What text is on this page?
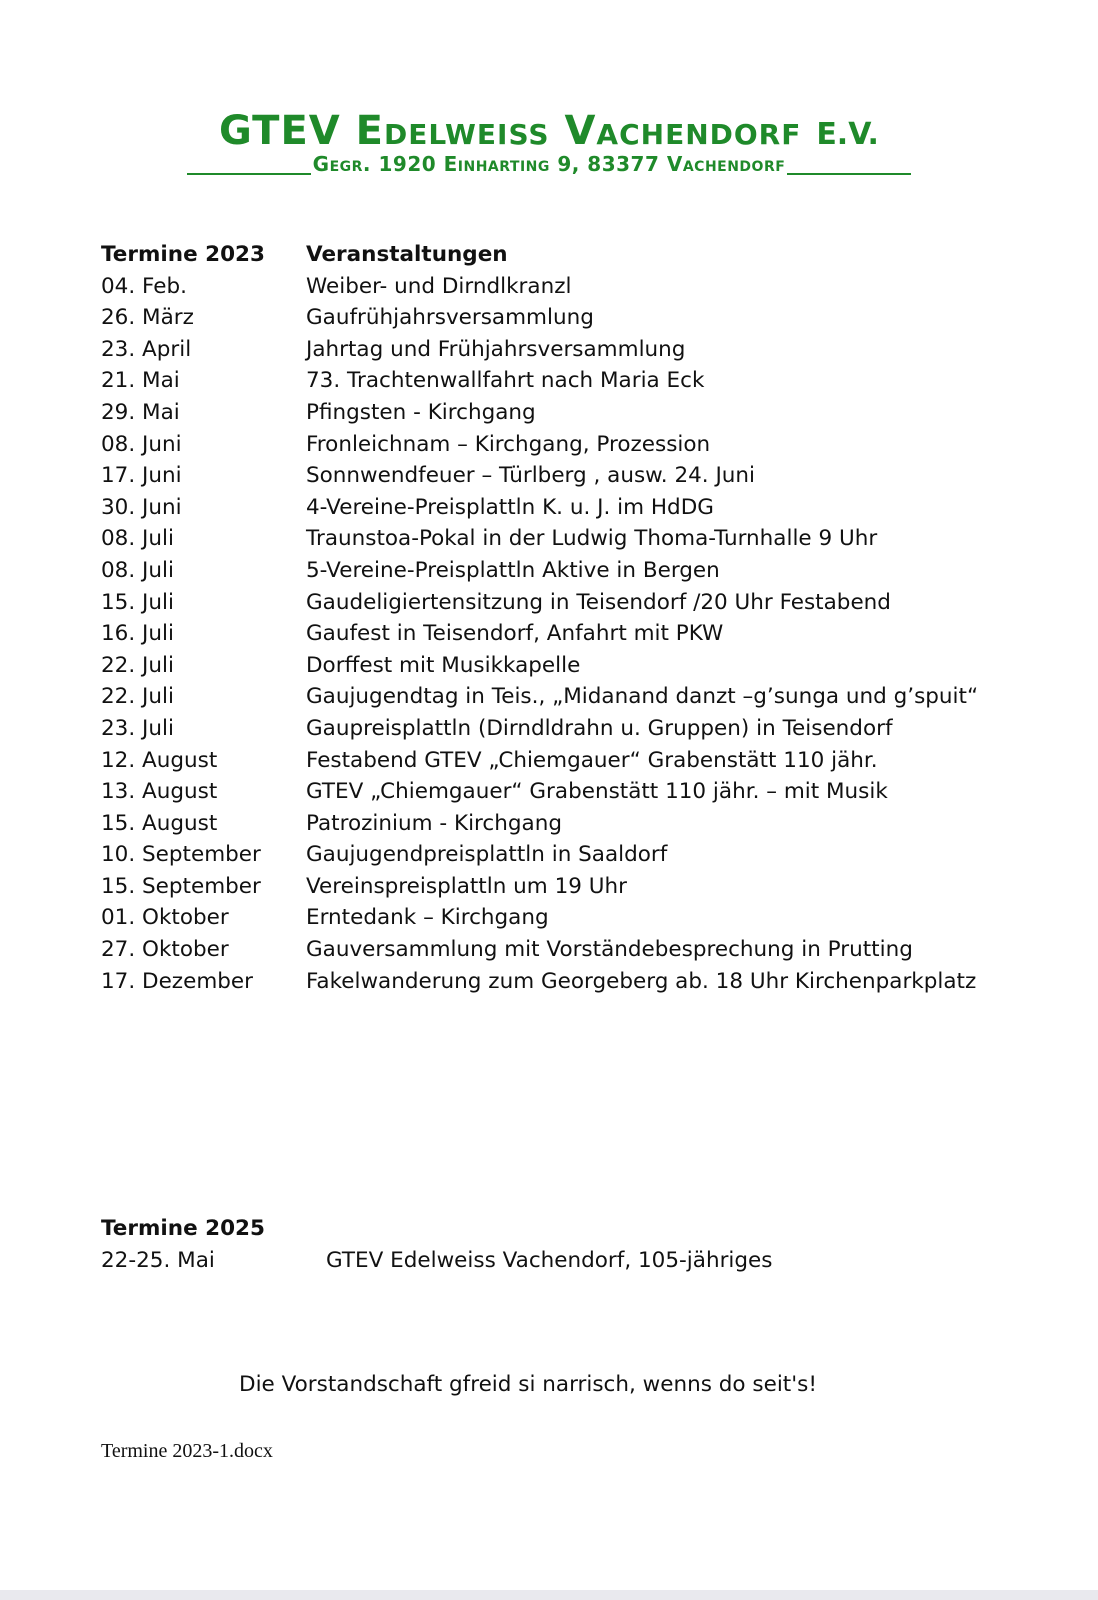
GTEV Edelweiss Vachendorf E.V.
Gegr. 1920 Einharting 9, 83377 Vachendorf
Termine 2023 Veranstaltungen
04. Feb.	Weiber- und Dirndlkranzl
26. März	Gaufrühjahrsversammlung
23. April	Jahrtag und Frühjahrsversammlung
21. Mai	73. Trachtenwallfahrt nach Maria Eck
29. Mai	Pfingsten - Kirchgang
08. Juni	Fronleichnam – Kirchgang, Prozession
17. Juni	Sonnwendfeuer – Türlberg , ausw. 24. Juni
30. Juni	4-Vereine-Preisplattln K. u. J. im HdDG
08. Juli	Traunstoa-Pokal in der Ludwig Thoma-Turnhalle 9 Uhr
08. Juli	5-Vereine-Preisplattln Aktive in Bergen
15. Juli	Gaudeligiertensitzung in Teisendorf /20 Uhr Festabend
16. Juli	Gaufest in Teisendorf, Anfahrt mit PKW
22. Juli	Dorffest mit Musikkapelle
22. Juli	Gaujugendtag in Teis., „Midanand danzt –g’sunga und g’spuit“
23. Juli	Gaupreisplattln (Dirndldrahn u. Gruppen) in Teisendorf
12. August	Festabend GTEV „Chiemgauer“ Grabenstätt 110 jähr.
13. August	GTEV „Chiemgauer“ Grabenstätt 110 jähr. – mit Musik
15. August	Patrozinium - Kirchgang
10. September Gaujugendpreisplattln in Saaldorf
15. September Vereinspreisplattln um 19 Uhr
01. Oktober	Erntedank – Kirchgang
27. Oktober	Gauversammlung mit Vorständebesprechung in Prutting
17. Dezember Fakelwanderung zum Georgeberg ab. 18 Uhr Kirchenparkplatz
Termine 2025
22-25. Mai	GTEV Edelweiss Vachendorf, 105-jähriges
Die Vorstandschaft gfreid si narrisch, wenns do seit's!
Termine 2023-1.docx
